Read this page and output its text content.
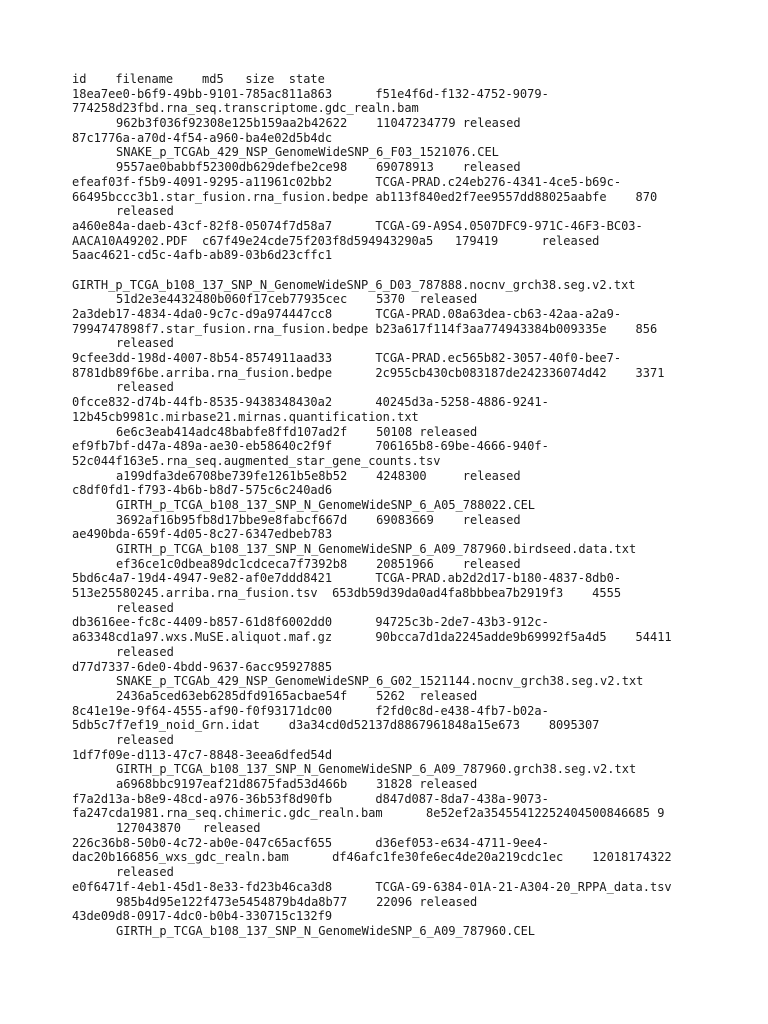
id    filename    md5   size  state
18ea7ee0-b6f9-49bb-9101-785ac811a863      f51e4f6d-f132-4752-9079-
774258d23fbd.rna_seq.transcriptome.gdc_realn.bam
962b3f036f92308e125b159aa2b42622    11047234779 released
87c1776a-a70d-4f54-a960-ba4e02d5b4dc
SNAKE_p_TCGAb_429_NSP_GenomeWideSNP_6_F03_1521076.CEL
9557ae0babbf52300db629defbe2ce98    69078913    released
efeaf03f-f5b9-4091-9295-a11961c02bb2      TCGA-PRAD.c24eb276-4341-4ce5-b69c-
66495bccc3b1.star_fusion.rna_fusion.bedpe ab113f840ed2f7ee9557dd88025aabfe    870
released
a460e84a-daeb-43cf-82f8-05074f7d58a7      TCGA-G9-A9S4.0507DFC9-971C-46F3-BC03-
AACA10A49202.PDF  c67f49e24cde75f203f8d594943290a5   179419      released
5aac4621-cd5c-4afb-ab89-03b6d23cffc1
GIRTH_p_TCGA_b108_137_SNP_N_GenomeWideSNP_6_D03_787888.nocnv_grch38.seg.v2.txt
51d2e3e4432480b060f17ceb77935cec    5370  released
2a3deb17-4834-4da0-9c7c-d9a974447cc8      TCGA-PRAD.08a63dea-cb63-42aa-a2a9-
7994747898f7.star_fusion.rna_fusion.bedpe b23a617f114f3aa774943384b009335e    856
released
9cfee3dd-198d-4007-8b54-8574911aad33      TCGA-PRAD.ec565b82-3057-40f0-bee7-
8781db89f6be.arriba.rna_fusion.bedpe      2c955cb430cb083187de242336074d42    3371
released
0fcce832-d74b-44fb-8535-9438348430a2      40245d3a-5258-4886-9241-
12b45cb9981c.mirbase21.mirnas.quantification.txt
6e6c3eab414adc48babfe8ffd107ad2f    50108 released
ef9fb7bf-d47a-489a-ae30-eb58640c2f9f      706165b8-69be-4666-940f-
52c044f163e5.rna_seq.augmented_star_gene_counts.tsv
a199dfa3de6708be739fe1261b5e8b52    4248300     released
c8df0fd1-f793-4b6b-b8d7-575c6c240ad6
GIRTH_p_TCGA_b108_137_SNP_N_GenomeWideSNP_6_A05_788022.CEL
3692af16b95fb8d17bbe9e8fabcf667d    69083669    released
ae490bda-659f-4d05-8c27-6347edbeb783
GIRTH_p_TCGA_b108_137_SNP_N_GenomeWideSNP_6_A09_787960.birdseed.data.txt
ef36ce1c0dbea89dc1cdceca7f7392b8    20851966    released
5bd6c4a7-19d4-4947-9e82-af0e7ddd8421      TCGA-PRAD.ab2d2d17-b180-4837-8db0-
513e25580245.arriba.rna_fusion.tsv  653db59d39da0ad4fa8bbbea7b2919f3    4555
released
db3616ee-fc8c-4409-b857-61d8f6002dd0      94725c3b-2de7-43b3-912c-
a63348cd1a97.wxs.MuSE.aliquot.maf.gz      90bcca7d1da2245adde9b69992f5a4d5    54411
released
d77d7337-6de0-4bdd-9637-6acc95927885
SNAKE_p_TCGAb_429_NSP_GenomeWideSNP_6_G02_1521144.nocnv_grch38.seg.v2.txt
2436a5ced63eb6285dfd9165acbae54f    5262  released
8c41e19e-9f64-4555-af90-f0f93171dc00      f2fd0c8d-e438-4fb7-b02a-
5db5c7f7ef19_noid_Grn.idat    d3a34cd0d52137d8867961848a15e673    8095307
released
1df7f09e-d113-47c7-8848-3eea6dfed54d
GIRTH_p_TCGA_b108_137_SNP_N_GenomeWideSNP_6_A09_787960.grch38.seg.v2.txt
a6968bbc9197eaf21d8675fad53d466b    31828 released
f7a2d13a-b8e9-48cd-a976-36b53f8d90fb      d847d087-8da7-438a-9073-
fa247cda1981.rna_seq.chimeric.gdc_realn.bam      8e52ef2a35455412252404500846685 9
127043870   released
226c36b8-50b0-4c72-ab0e-047c65acf655      d36ef053-e634-4711-9ee4-
dac20b166856_wxs_gdc_realn.bam      df46afc1fe30fe6ec4de20a219cdc1ec    12018174322
released
e0f6471f-4eb1-45d1-8e33-fd23b46ca3d8      TCGA-G9-6384-01A-21-A304-20_RPPA_data.tsv
985b4d95e122f473e5454879b4da8b77    22096 released
43de09d8-0917-4dc0-b0b4-330715c132f9
GIRTH_p_TCGA_b108_137_SNP_N_GenomeWideSNP_6_A09_787960.CEL
